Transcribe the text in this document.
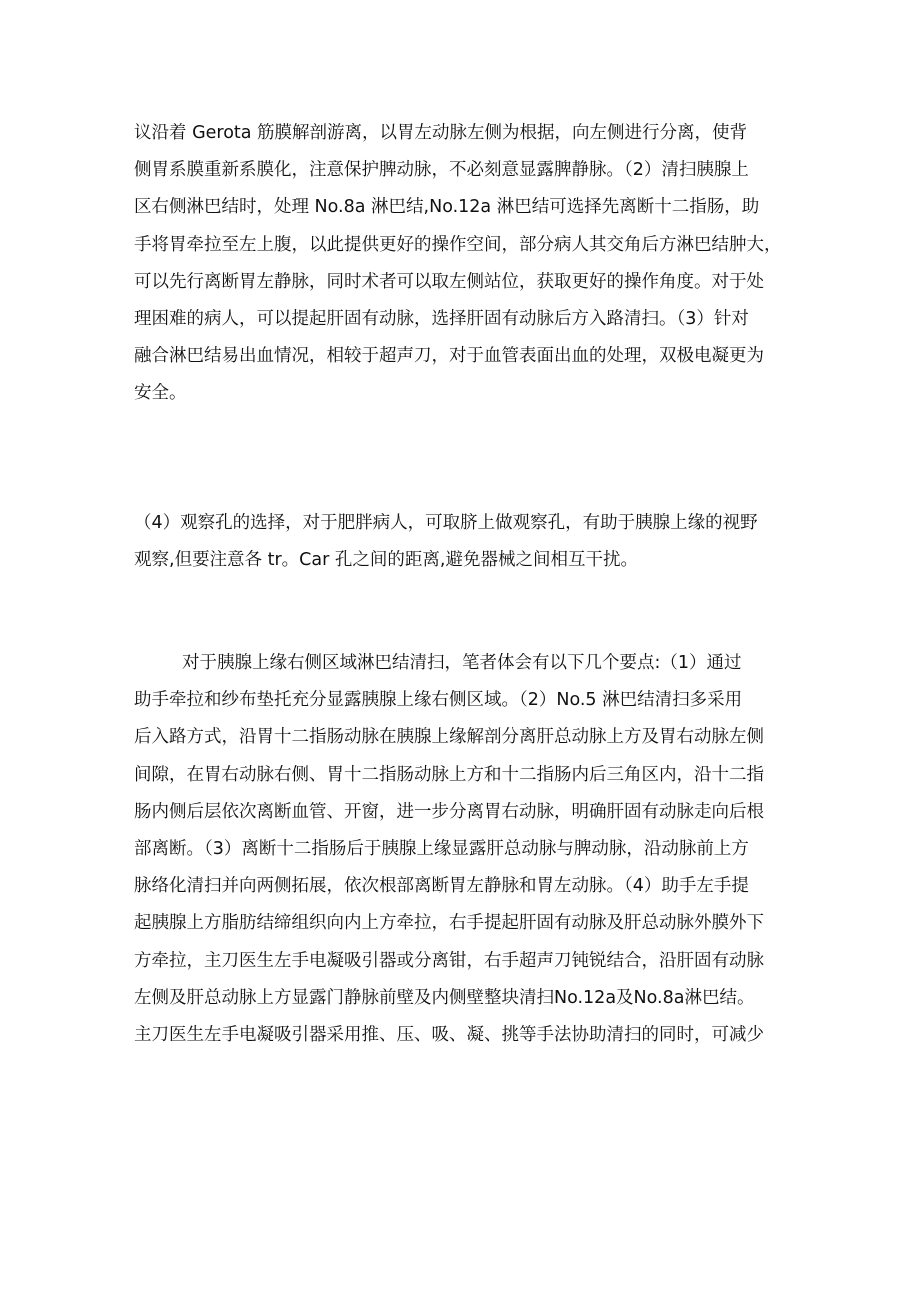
议沿着 Gerota 筋膜解剖游离，以胃左动脉左侧为根据，向左侧进行分离，使背
侧胃系膜重新系膜化，注意保护脾动脉，不必刻意显露脾静脉。（2）清扫胰腺上
区右侧淋巴结时，处理 No.8a 淋巴结,No.12a 淋巴结可选择先离断十二指肠，助
手将胃牵拉至左上腹，以此提供更好的操作空间，部分病人其交角后方淋巴结肿大，
可以先行离断胃左静脉，同时术者可以取左侧站位，获取更好的操作角度。对于处
理困难的病人，可以提起肝固有动脉，选择肝固有动脉后方入路清扫。（3）针对
融合淋巴结易出血情况，相较于超声刀，对于血管表面出血的处理，双极电凝更为
安全。
（4）观察孔的选择，对于肥胖病人，可取脐上做观察孔，有助于胰腺上缘的视野
观察,但要注意各 tr。Car 孔之间的距离,避免器械之间相互干扰。
对于胰腺上缘右侧区域淋巴结清扫，笔者体会有以下几个要点:（1）通过
助手牵拉和纱布垫托充分显露胰腺上缘右侧区域。（2）No.5 淋巴结清扫多采用
后入路方式，沿胃十二指肠动脉在胰腺上缘解剖分离肝总动脉上方及胃右动脉左侧
间隙，在胃右动脉右侧、胃十二指肠动脉上方和十二指肠内后三角区内，沿十二指
肠内侧后层依次离断血管、开窗，进一步分离胃右动脉，明确肝固有动脉走向后根
部离断。（3）离断十二指肠后于胰腺上缘显露肝总动脉与脾动脉，沿动脉前上方
脉络化清扫并向两侧拓展，依次根部离断胃左静脉和胃左动脉。（4）助手左手提
起胰腺上方脂肪结缔组织向内上方牵拉，右手提起肝固有动脉及肝总动脉外膜外下
方牵拉，主刀医生左手电凝吸引器或分离钳，右手超声刀钝锐结合，沿肝固有动脉
左侧及肝总动脉上方显露门静脉前壁及内侧壁整块清扫No.12a及No.8a淋巴结。
主刀医生左手电凝吸引器采用推、压、吸、凝、挑等手法协助清扫的同时，可减少
